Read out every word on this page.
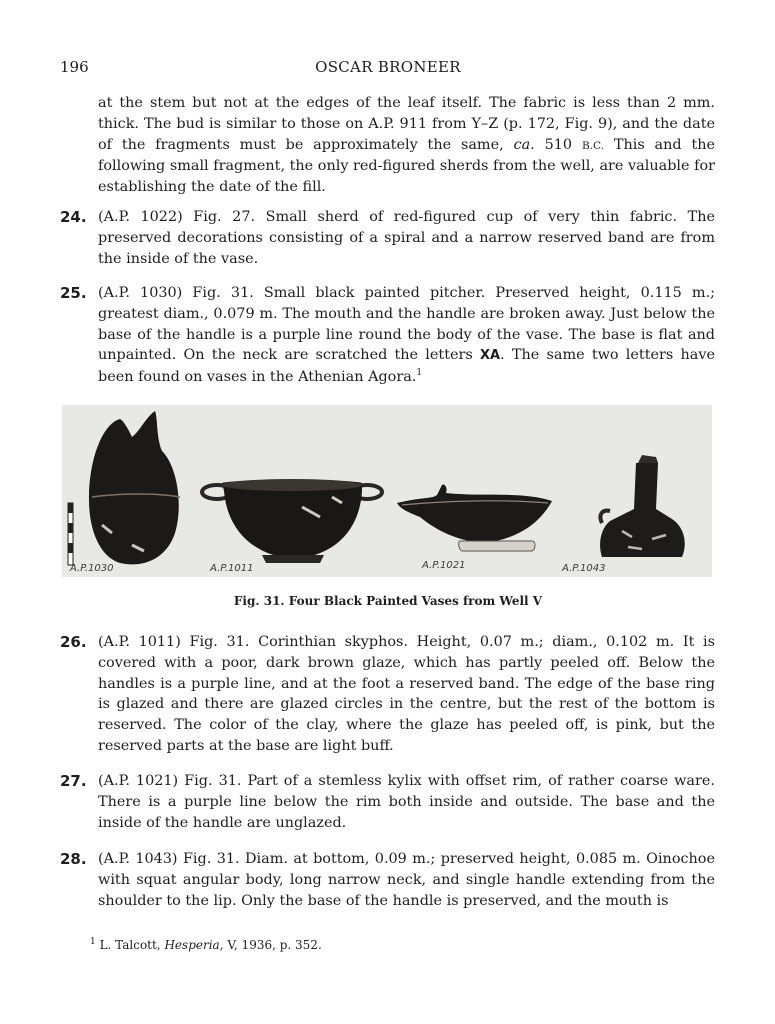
196	OSCAR BRONEER
at the stem but not at the edges of the leaf itself. The fabric is less than 2 mm. thick. The bud is similar to those on A.P. 911 from Y–Z (p. 172, Fig. 9), and the date of the fragments must be approximately the same, ca. 510 B.C. This and the following small fragment, the only red-figured sherds from the well, are valuable for establishing the date of the fill.
24. (A.P. 1022) Fig. 27. Small sherd of red-figured cup of very thin fabric. The preserved decorations consisting of a spiral and a narrow reserved band are from the inside of the vase.
25. (A.P. 1030) Fig. 31. Small black painted pitcher. Preserved height, 0.115 m.; greatest diam., 0.079 m. The mouth and the handle are broken away. Just below the base of the handle is a purple line round the body of the vase. The base is flat and unpainted. On the neck are scratched the letters XA. The same two letters have been found on vases in the Athenian Agora.$^1$
A.P.1030	A.P.1011	A.P.1021	A.P.1043
Fig. 31. Four Black Painted Vases from Well V
26. (A.P. 1011) Fig. 31. Corinthian skyphos. Height, 0.07 m.; diam., 0.102 m. It is covered with a poor, dark brown glaze, which has partly peeled off. Below the handles is a purple line, and at the foot a reserved band. The edge of the base ring is glazed and there are glazed circles in the centre, but the rest of the bottom is reserved. The color of the clay, where the glaze has peeled off, is pink, but the reserved parts at the base are light buff.
27. (A.P. 1021) Fig. 31. Part of a stemless kylix with offset rim, of rather coarse ware. There is a purple line below the rim both inside and outside. The base and the inside of the handle are unglazed.
28. (A.P. 1043) Fig. 31. Diam. at bottom, 0.09 m.; preserved height, 0.085 m. Oinochoe with squat angular body, long narrow neck, and single handle extending from the shoulder to the lip. Only the base of the handle is preserved, and the mouth is
$^1$ L. Talcott, Hesperia, V, 1936, p. 352.
